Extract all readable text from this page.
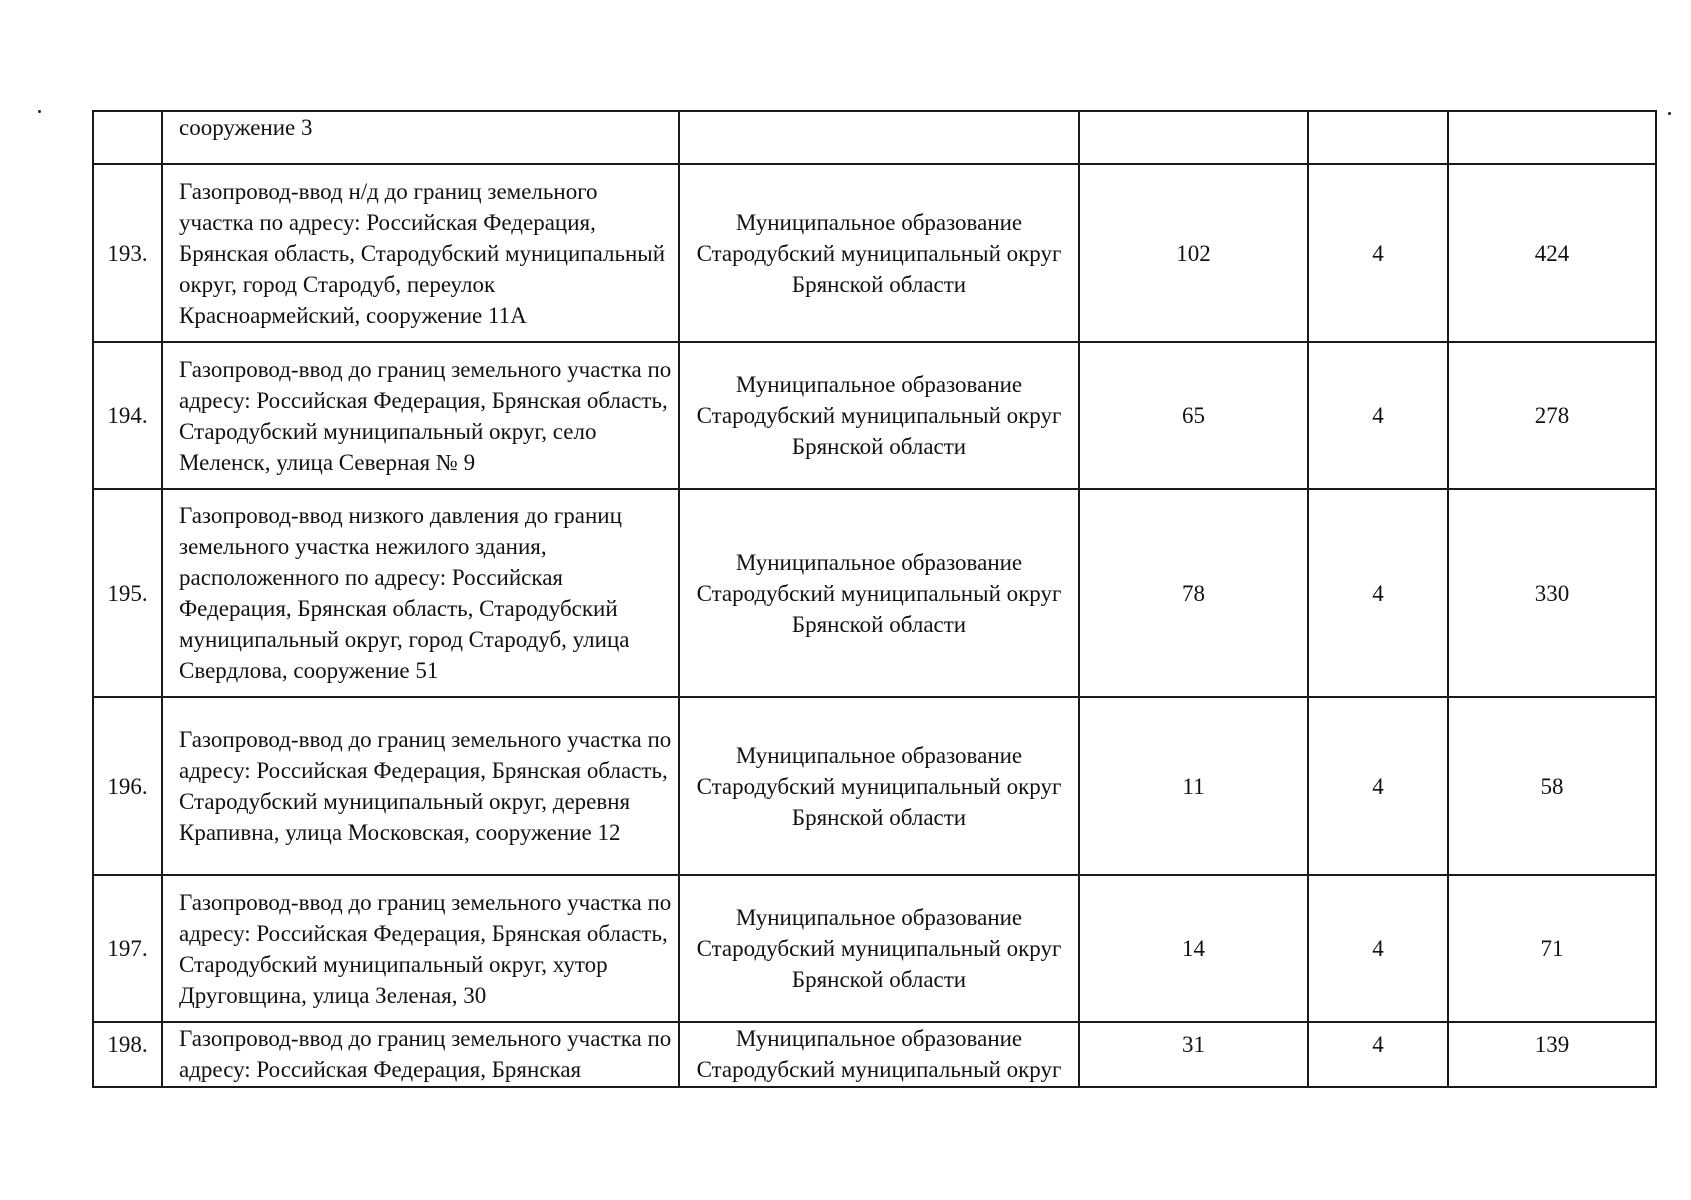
	сооружение 3				
193.	Газопровод-ввод н/д до границ земельного участка по адресу: Российская Федерация, Брянская область, Стародубский муниципальный округ, город Стародуб, переулок Красноармейский, сооружение 11А	Муниципальное образование Стародубский муниципальный округ Брянской области	102	4	424
194.	Газопровод-ввод до границ земельного участка по адресу: Российская Федерация, Брянская область, Стародубский муниципальный округ, село Меленск, улица Северная № 9	Муниципальное образование Стародубский муниципальный округ Брянской области	65	4	278
195.	Газопровод-ввод низкого давления до границ земельного участка нежилого здания, расположенного по адресу: Российская Федерация, Брянская область, Стародубский муниципальный округ, город Стародуб, улица Свердлова, сооружение 51	Муниципальное образование Стародубский муниципальный округ Брянской области	78	4	330
196.	Газопровод-ввод до границ земельного участка по адресу: Российская Федерация, Брянская область, Стародубский муниципальный округ, деревня Крапивна, улица Московская, сооружение 12	Муниципальное образование Стародубский муниципальный округ Брянской области	11	4	58
197.	Газопровод-ввод до границ земельного участка по адресу: Российская Федерация, Брянская область, Стародубский муниципальный округ, хутор Друговщина, улица Зеленая, 30	Муниципальное образование Стародубский муниципальный округ Брянской области	14	4	71
198.	Газопровод-ввод до границ земельного участка по адресу: Российская Федерация, Брянская	Муниципальное образование Стародубский муниципальный округ	31	4	139
